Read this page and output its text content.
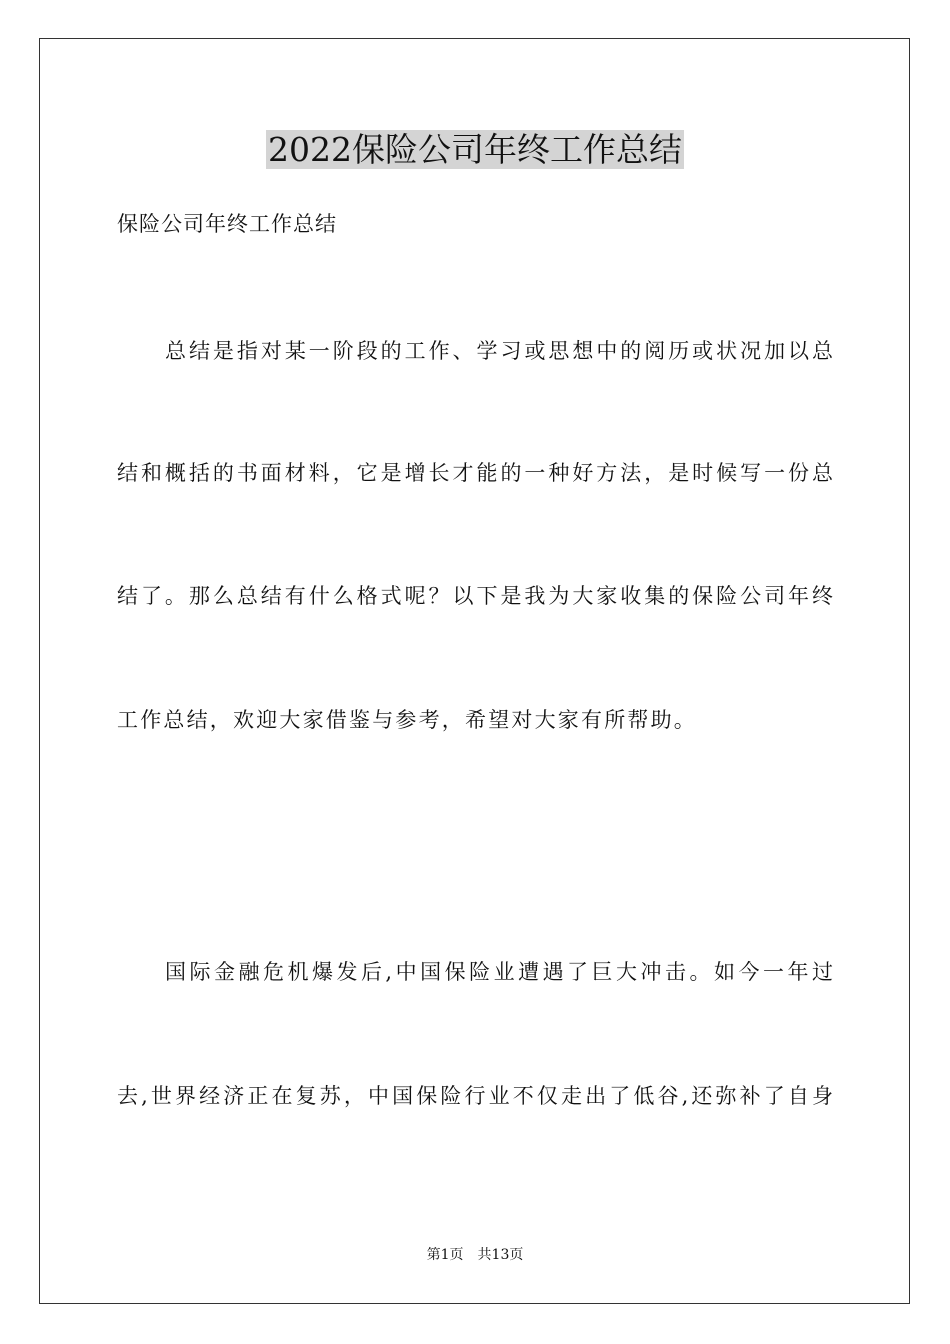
2022保险公司年终工作总结
保险公司年终工作总结
总结是指对某一阶段的工作、学习或思想中的阅历或状况加以总
结和概括的书面材料，它是增长才能的一种好方法，是时候写一份总
结了。那么总结有什么格式呢？以下是我为大家收集的保险公司年终
工作总结，欢迎大家借鉴与参考，希望对大家有所帮助。
国际金融危机爆发后,中国保险业遭遇了巨大冲击。如今一年过
去,世界经济正在复苏，中国保险行业不仅走出了低谷,还弥补了自身
第1页 共13页
